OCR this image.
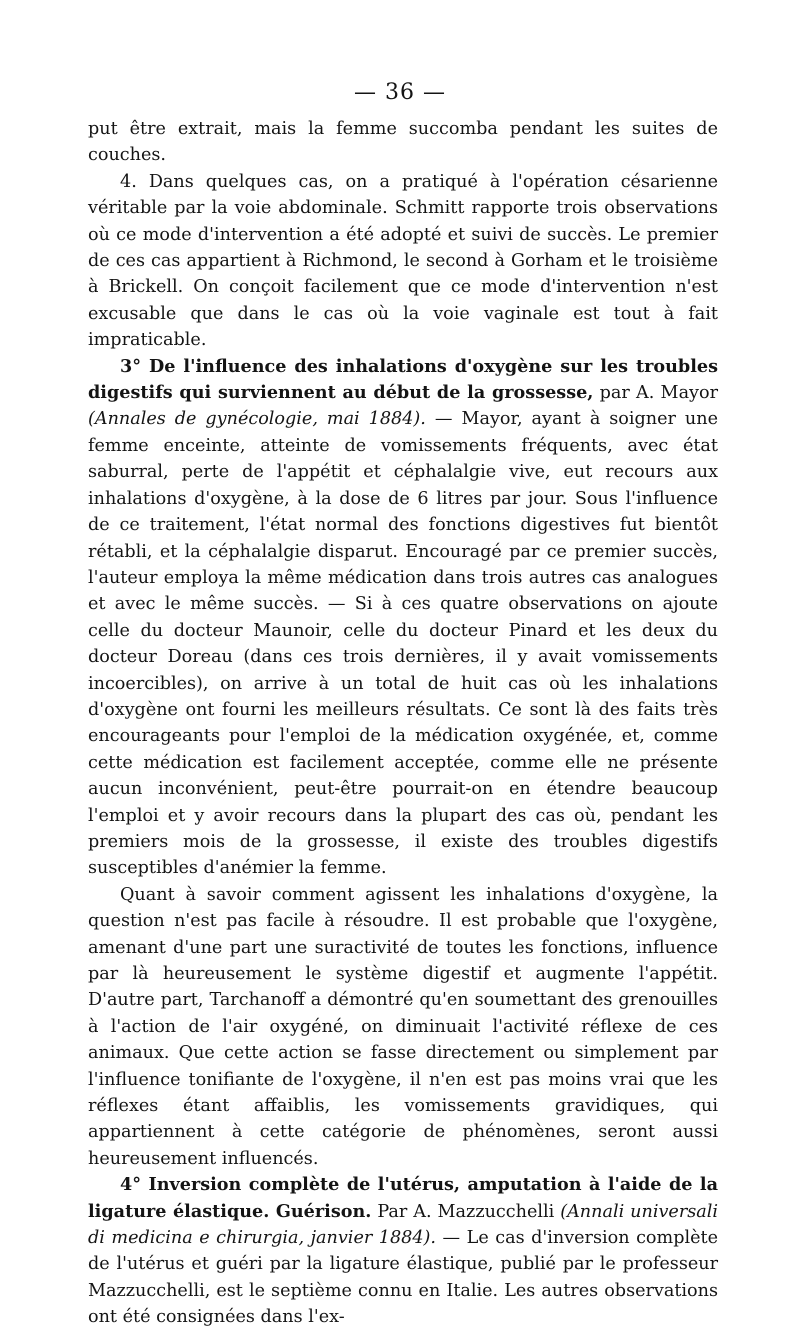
— 36 —

put être extrait, mais la femme succomba pendant les suites de couches.

4. Dans quelques cas, on a pratiqué à l'opération césarienne véritable par la voie abdominale. Schmitt rapporte trois observations où ce mode d'intervention a été adopté et suivi de succès. Le premier de ces cas appartient à Richmond, le second à Gorham et le troisième à Brickell. On conçoit facilement que ce mode d'intervention n'est excusable que dans le cas où la voie vaginale est tout à fait impraticable.

3° De l'influence des inhalations d'oxygène sur les troubles digestifs qui surviennent au début de la grossesse, par A. Mayor (Annales de gynécologie, mai 1884). — Mayor, ayant à soigner une femme enceinte, atteinte de vomissements fréquents, avec état saburral, perte de l'appétit et céphalalgie vive, eut recours aux inhalations d'oxygène, à la dose de 6 litres par jour. Sous l'influence de ce traitement, l'état normal des fonctions digestives fut bientôt rétabli, et la céphalalgie disparut. Encouragé par ce premier succès, l'auteur employa la même médication dans trois autres cas analogues et avec le même succès. — Si à ces quatre observations on ajoute celle du docteur Maunoir, celle du docteur Pinard et les deux du docteur Doreau (dans ces trois dernières, il y avait vomissements incoercibles), on arrive à un total de huit cas où les inhalations d'oxygène ont fourni les meilleurs résultats. Ce sont là des faits très encourageants pour l'emploi de la médication oxygénée, et, comme cette médication est facilement acceptée, comme elle ne présente aucun inconvénient, peut-être pourrait-on en étendre beaucoup l'emploi et y avoir recours dans la plupart des cas où, pendant les premiers mois de la grossesse, il existe des troubles digestifs susceptibles d'anémier la femme.

Quant à savoir comment agissent les inhalations d'oxygène, la question n'est pas facile à résoudre. Il est probable que l'oxygène, amenant d'une part une suractivité de toutes les fonctions, influence par là heureusement le système digestif et augmente l'appétit. D'autre part, Tarchanoff a démontré qu'en soumettant des grenouilles à l'action de l'air oxygéné, on diminuait l'activité réflexe de ces animaux. Que cette action se fasse directement ou simplement par l'influence tonifiante de l'oxygène, il n'en est pas moins vrai que les réflexes étant affaiblis, les vomissements gravidiques, qui appartiennent à cette catégorie de phénomènes, seront aussi heureusement influencés.

4° Inversion complète de l'utérus, amputation à l'aide de la ligature élastique. Guérison. Par A. Mazzucchelli (Annali universali di medicina e chirurgia, janvier 1884). — Le cas d'inversion complète de l'utérus et guéri par la ligature élastique, publié par le professeur Mazzucchelli, est le septième connu en Italie. Les autres observations ont été consignées dans l'ex-
